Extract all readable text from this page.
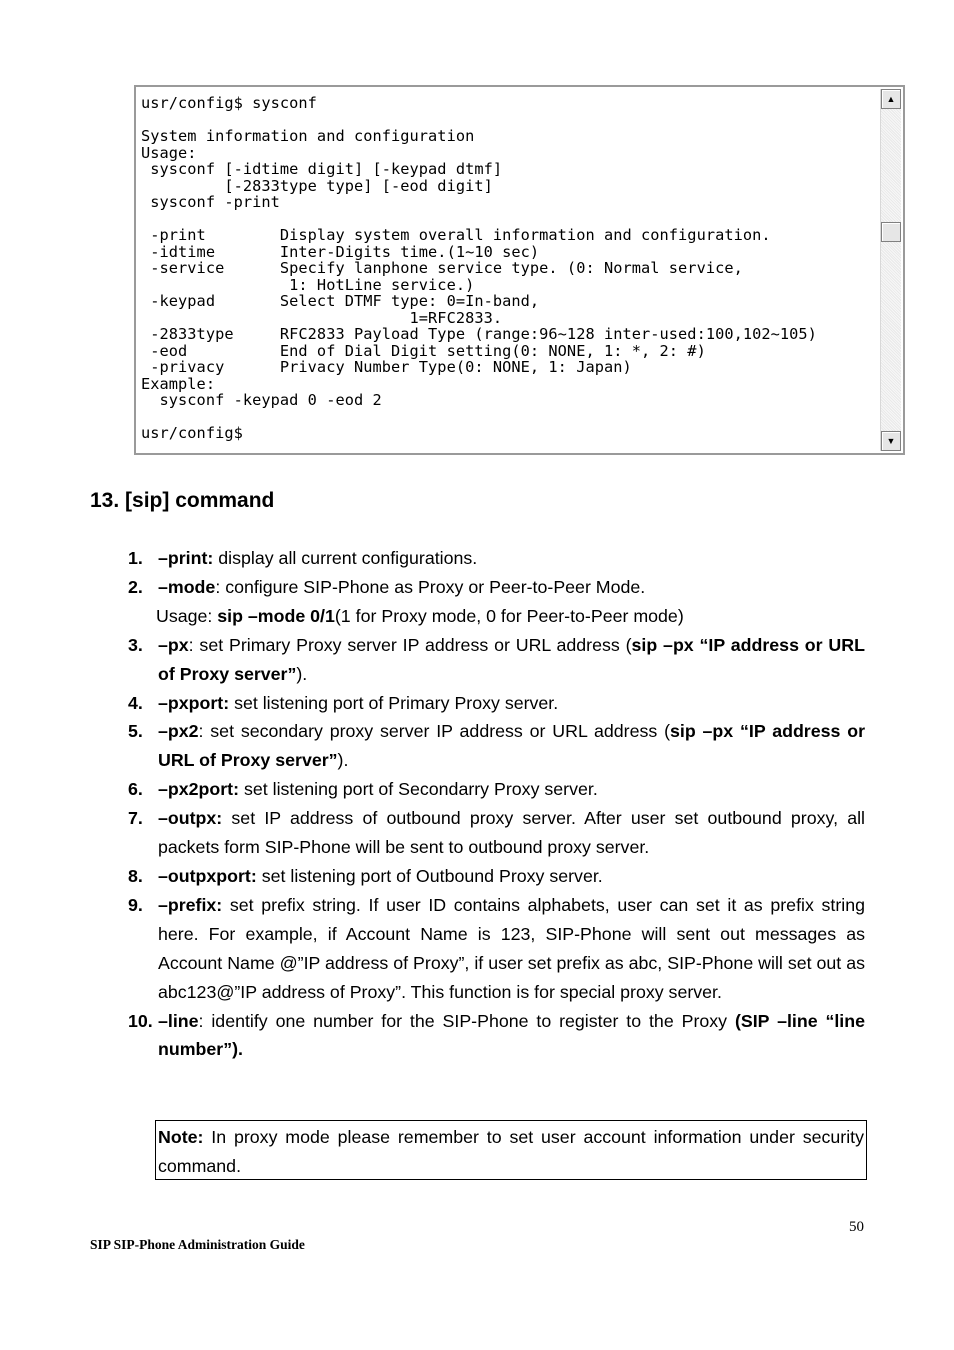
usr/config$ sysconf

System information and configuration
Usage:
sysconf [-idtime digit] [-keypad dtmf]
[-2833type type] [-eod digit]
sysconf -print

-print        Display system overall information and configuration.
-idtime       Inter-Digits time.(1~10 sec)
-service      Specify lanphone service type. (0: Normal service,
1: HotLine service.)
-keypad       Select DTMF type: 0=In-band,
1=RFC2833.
-2833type     RFC2833 Payload Type (range:96~128 inter-used:100,102~105)
-eod          End of Dial Digit setting(0: NONE, 1: *, 2: #)
-privacy      Privacy Number Type(0: NONE, 1: Japan)
Example:
sysconf -keypad 0 -eod 2

usr/config$
▲
▼
13. [sip] command
1. –print: display all current configurations.
2. –mode: configure SIP-Phone as Proxy or Peer-to-Peer Mode.
Usage: sip –mode 0/1(1 for Proxy mode, 0 for Peer-to-Peer mode)
3. –px: set Primary Proxy server IP address or URL address (sip –px “IP address or URL of Proxy server”).
4. –pxport: set listening port of Primary Proxy server.
5. –px2: set secondary proxy server IP address or URL address (sip –px “IP address or URL of Proxy server”).
6. –px2port: set listening port of Secondarry Proxy server.
7. –outpx: set IP address of outbound proxy server. After user set outbound proxy, all packets form SIP-Phone will be sent to outbound proxy server.
8. –outpxport: set listening port of Outbound Proxy server.
9. –prefix: set prefix string. If user ID contains alphabets, user can set it as prefix string here. For example, if Account Name is 123, SIP-Phone will sent out messages as Account Name @”IP address of Proxy”, if user set prefix as abc, SIP-Phone will set out as abc123@”IP address of Proxy”. This function is for special proxy server.
10. –line: identify one number for the SIP-Phone to register to the Proxy (SIP –line “line number”).
Note: In proxy mode please remember to set user account information under security command.
50
SIP SIP-Phone Administration Guide
